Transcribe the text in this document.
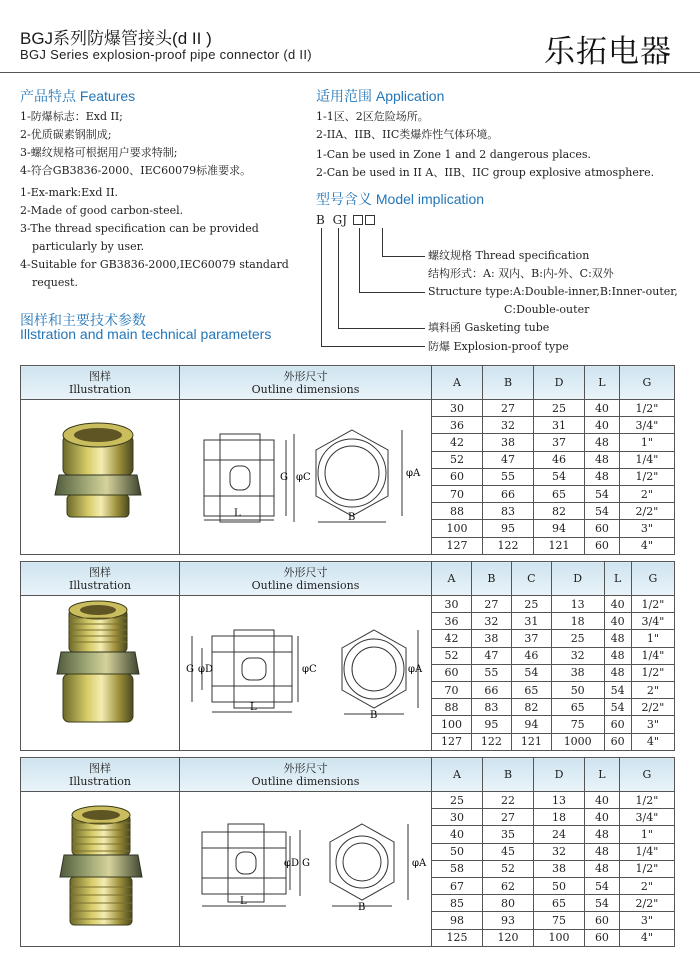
BGJ系列防爆管接头(d II )
BGJ Series explosion-proof pipe connector (d II)	乐拓电器
产品特点 Features
1-防爆标志：Exd II;
2-优质碳素钢制成;
3-螺纹规格可根据用户要求特制;
4-符合GB3836-2000、IEC60079标准要求。
1-Ex-mark:Exd II.
2-Made of good carbon-steel.
3-The thread specification can be provided
particularly by user.
4-Suitable for GB3836-2000,IEC60079 standard
request.
适用范围 Application
1-1区、2区危险场所。
2-IIA、IIB、IIC类爆炸性气体环境。
1-Can be used in Zone 1 and 2 dangerous places.
2-Can be used in II A、IIB、IIC group explosive atmosphere.
型号含义 Model implication
B GJ
螺纹规格 Thread specification
结构形式：A: 双内、B:内-外、C:双外
Structure type:A:Double-inner,B:Inner-outer,
C:Double-outer
填料函 Gasketing tube
防爆 Explosion-proof type
图样和主要技术参数
Illstration and main technical parameters
图样
Illustration	外形尺寸
Outline dimensions	A	B	D	L	G
		30	27	25	40	1/2"
		36	32	31	40	3/4"
		42	38	37	48	1"
		52	47	46	48	1/4"
		60	55	54	48	1/2"
		70	66	65	54	2"
		88	83	82	54	2/2"
		100	95	94	60	3"
		127	122	121	60	4"
图样
Illustration	外形尺寸
Outline dimensions	A	B	C	D	L	G
		30	27	25	13	40	1/2"
		36	32	31	18	40	3/4"
		42	38	37	25	48	1"
		52	47	46	32	48	1/4"
		60	55	54	38	48	1/2"
		70	66	65	50	54	2"
		88	83	82	65	54	2/2"
		100	95	94	75	60	3"
		127	122	121	1000	60	4"
图样
Illustration	外形尺寸
Outline dimensions	A	B	D	L	G
		25	22	13	40	1/2"
		30	27	18	40	3/4"
		40	35	24	48	1"
		50	45	32	48	1/4"
		58	52	38	48	1/2"
		67	62	50	54	2"
		85	80	65	54	2/2"
		98	93	75	60	3"
		125	120	100	60	4"
L
G φC	φA
B
G φD
L
φC	φA
B
L
φD G	φA
B
